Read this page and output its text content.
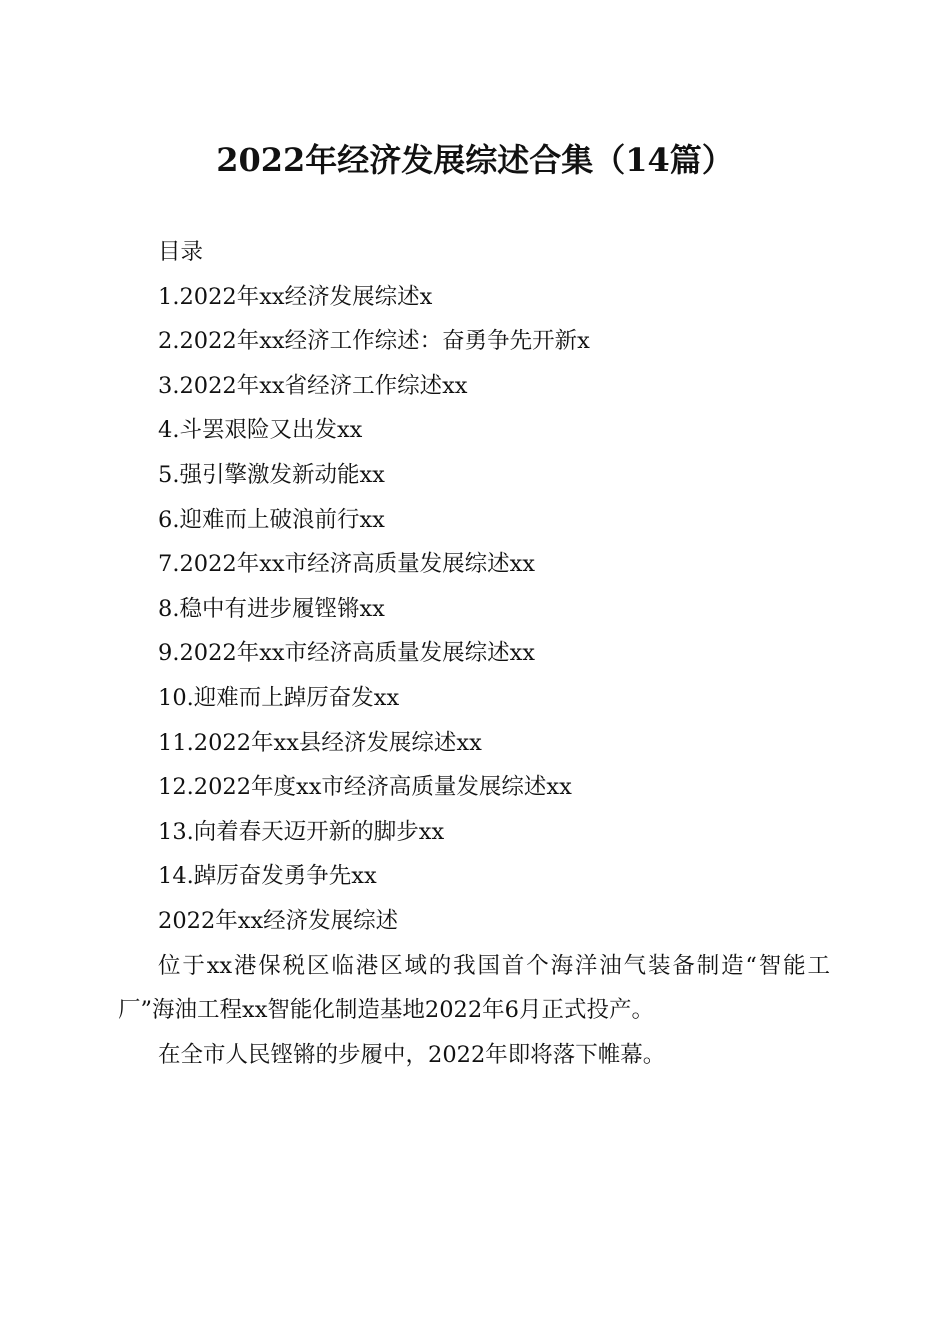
2022年经济发展综述合集（14篇）
目录
1.2022年xx经济发展综述x
2.2022年xx经济工作综述：奋勇争先开新x
3.2022年xx省经济工作综述xx
4.斗罢艰险又出发xx
5.强引擎激发新动能xx
6.迎难而上破浪前行xx
7.2022年xx市经济高质量发展综述xx
8.稳中有进步履铿锵xx
9.2022年xx市经济高质量发展综述xx
10.迎难而上踔厉奋发xx
11.2022年xx县经济发展综述xx
12.2022年度xx市经济高质量发展综述xx
13.向着春天迈开新的脚步xx
14.踔厉奋发勇争先xx
2022年xx经济发展综述
位于xx港保税区临港区域的我国首个海洋油气装备制造“智能工厂”海油工程xx智能化制造基地2022年6月正式投产。
在全市人民铿锵的步履中，2022年即将落下帷幕。
